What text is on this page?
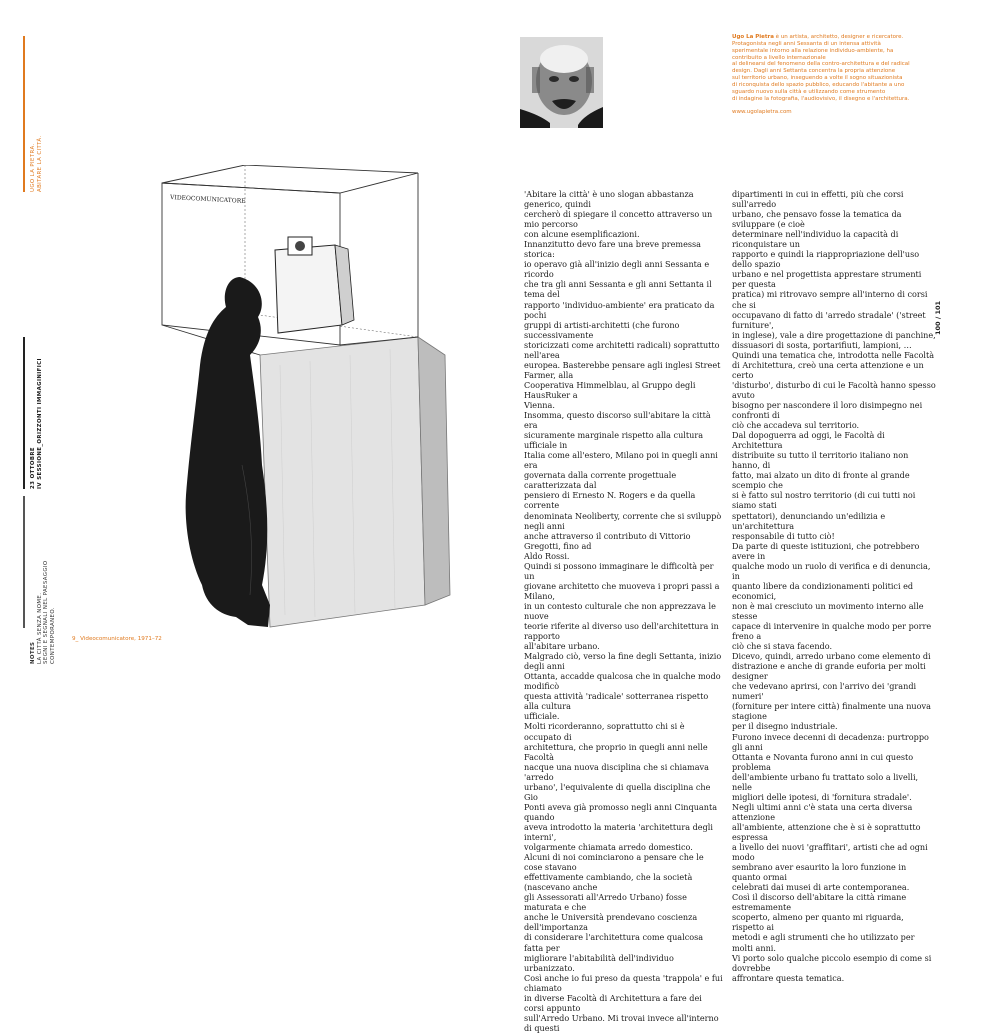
UGO LA PIETRA. ABITARE LA CITTÀ.
23 OTTOBRE IV SESSIONE_ORIZZONTI IMMAGINIFICI
NOTES LA CITTÀ SENZA NOME. SEGNI E SEGNALI NEL PAESAGGIO CONTEMPORANEO.
VIDEOCOMUNICATORE
9_ Videocomunicatore, 1971–72
Ugo La Pietra è un artista, architetto, designer e ricercatore.
Protagonista negli anni Sessanta di un intensa attività
sperimentale intorno alla relazione individuo-ambiente, ha
contribuito a livello internazionale
al delinearsi del fenomeno della contro-architettura e del radical
design. Dagli anni Settanta concentra la propria attenzione
sul territorio urbano, inseguendo a volte il sogno situazionista
di riconquista dello spazio pubblico, educando l'abitante a uno
sguardo nuovo sulla città e utilizzando come strumento
di indagine la fotografia, l'audiovisivo, il disegno e l'architettura.
www.ugolapietra.com
100 / 101

'Abitare la città' è uno slogan abbastanza generico, quindi

cercherò di spiegare il concetto attraverso un mio percorso

con alcune esemplificazioni.

Innanzitutto devo fare una breve premessa storica:

io operavo già all'inizio degli anni Sessanta e ricordo

che tra gli anni Sessanta e gli anni Settanta il tema del

rapporto 'individuo-ambiente' era praticato da pochi

gruppi di artisti-architetti (che furono successivamente

storicizzati come architetti radicali) soprattutto nell'area

europea. Basterebbe pensare agli inglesi Street Farmer, alla

Cooperativa Himmelblau, al Gruppo degli HausRuker a

Vienna.

Insomma, questo discorso sull'abitare la città era

sicuramente marginale rispetto alla cultura ufficiale in

Italia come all'estero, Milano poi in quegli anni era

governata dalla corrente progettuale caratterizzata dal

pensiero di Ernesto N. Rogers e da quella corrente

denominata Neoliberty, corrente che si sviluppò negli anni

anche attraverso il contributo di Vittorio Gregotti, fino ad

Aldo Rossi.

Quindi si possono immaginare le difficoltà per un

giovane architetto che muoveva i propri passi a Milano,

in un contesto culturale che non apprezzava le nuove

teorie riferite al diverso uso dell'architettura in rapporto

all'abitare urbano.

Malgrado ciò, verso la fine degli Settanta, inizio degli anni

Ottanta, accadde qualcosa che in qualche modo modificò

questa attività 'radicale' sotterranea rispetto alla cultura

ufficiale.

Molti ricorderanno, soprattutto chi si è occupato di

architettura, che proprio in quegli anni nelle Facoltà

nacque una nuova disciplina che si chiamava 'arredo

urbano', l'equivalente di quella disciplina che Gio

Ponti aveva già promosso negli anni Cinquanta quando

aveva introdotto la materia 'architettura degli interni',

volgarmente chiamata arredo domestico.

Alcuni di noi cominciarono a pensare che le cose stavano

effettivamente cambiando, che la società (nascevano anche

gli Assessorati all'Arredo Urbano) fosse maturata e che

anche le Università prendevano coscienza dell'importanza

di considerare l'architettura come qualcosa fatta per

migliorare l'abitabilità dell'individuo urbanizzato.

Così anche io fui preso da questa 'trappola' e fui chiamato

in diverse Facoltà di Architettura a fare dei corsi appunto

sull'Arredo Urbano. Mi trovai invece all'interno di questi

dipartimenti in cui in effetti, più che corsi sull'arredo

urbano, che pensavo fosse la tematica da sviluppare (e cioè

determinare nell'individuo la capacità di riconquistare un

rapporto e quindi la riappropriazione dell'uso dello spazio

urbano e nel progettista apprestare strumenti per questa

pratica) mi ritrovavo sempre all'interno di corsi che si

occupavano di fatto di 'arredo stradale' ('street furniture',

in inglese), vale a dire progettazione di panchine,

dissuasori di sosta, portarifiuti, lampioni, …

Quindi una tematica che, introdotta nelle Facoltà

di Architettura, creò una certa attenzione e un certo

'disturbo', disturbo di cui le Facoltà hanno spesso avuto

bisogno per nascondere il loro disimpegno nei confronti di

ciò che accadeva sul territorio.

Dal dopoguerra ad oggi, le Facoltà di Architettura

distribuite su tutto il territorio italiano non hanno, di

fatto, mai alzato un dito di fronte al grande scempio che

si è fatto sul nostro territorio (di cui tutti noi siamo stati

spettatori), denunciando un'edilizia e un'architettura

responsabile di tutto ciò!

Da parte di queste istituzioni, che potrebbero avere in

qualche modo un ruolo di verifica e di denuncia, in

quanto libere da condizionamenti politici ed economici,

non è mai cresciuto un movimento interno alle stesse

capace di intervenire in qualche modo per porre freno a

ciò che si stava facendo.

Dicevo, quindi, arredo urbano come elemento di

distrazione e anche di grande euforia per molti designer

che vedevano aprirsi, con l'arrivo dei 'grandi numeri'

(forniture per intere città) finalmente una nuova stagione

per il disegno industriale.

Furono invece decenni di decadenza: purtroppo gli anni

Ottanta e Novanta furono anni in cui questo problema

dell'ambiente urbano fu trattato solo a livelli, nelle

migliori delle ipotesi, di 'fornitura stradale'.

Negli ultimi anni c'è stata una certa diversa attenzione

all'ambiente, attenzione che è si è soprattutto espressa

a livello dei nuovi 'graffitari', artisti che ad ogni modo

sembrano aver esaurito la loro funzione in quanto ormai

celebrati dai musei di arte contemporanea.

Così il discorso dell'abitare la città rimane estremamente

scoperto, almeno per quanto mi riguarda, rispetto ai

metodi e agli strumenti che ho utilizzato per molti anni.

Vi porto solo qualche piccolo esempio di come si dovrebbe

affrontare questa tematica.
